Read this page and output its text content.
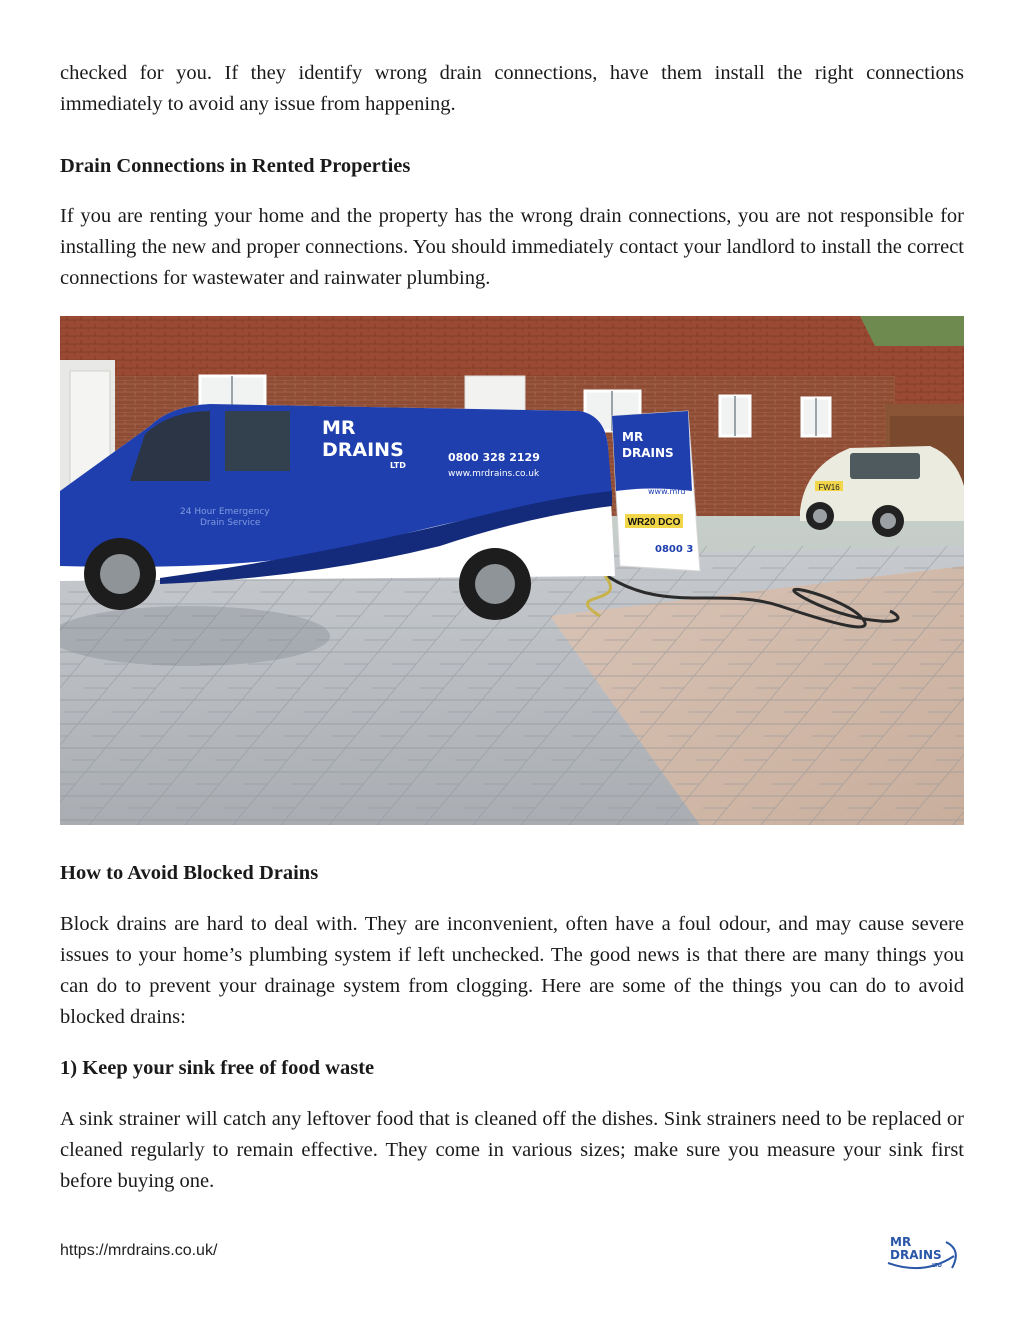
checked for you. If they identify wrong drain connections, have them install the right connections immediately to avoid any issue from happening.

Drain Connections in Rented Properties

If you are renting your home and the property has the wrong drain connections, you are not responsible for installing the new and proper connections. You should immediately contact your landlord to install the correct connections for wastewater and rainwater plumbing.

FW16
MR
DRAINS
LTD
0800 328 2129
www.mrdrains.co.uk
24 Hour Emergency
Drain Service
MR
DRAINS
www.mrd
WR20 DCO
0800 3
How to Avoid Blocked Drains

Block drains are hard to deal with. They are inconvenient, often have a foul odour, and may cause severe issues to your home’s plumbing system if left unchecked. The good news is that there are many things you can do to prevent your drainage system from clogging. Here are some of the things you can do to avoid blocked drains:

1) Keep your sink free of food waste

A sink strainer will catch any leftover food that is cleaned off the dishes. Sink strainers need to be replaced or cleaned regularly to remain effective. They come in various sizes; make sure you measure your sink first before buying one.

https://mrdrains.co.uk/	MR
DRAINS
LTD
